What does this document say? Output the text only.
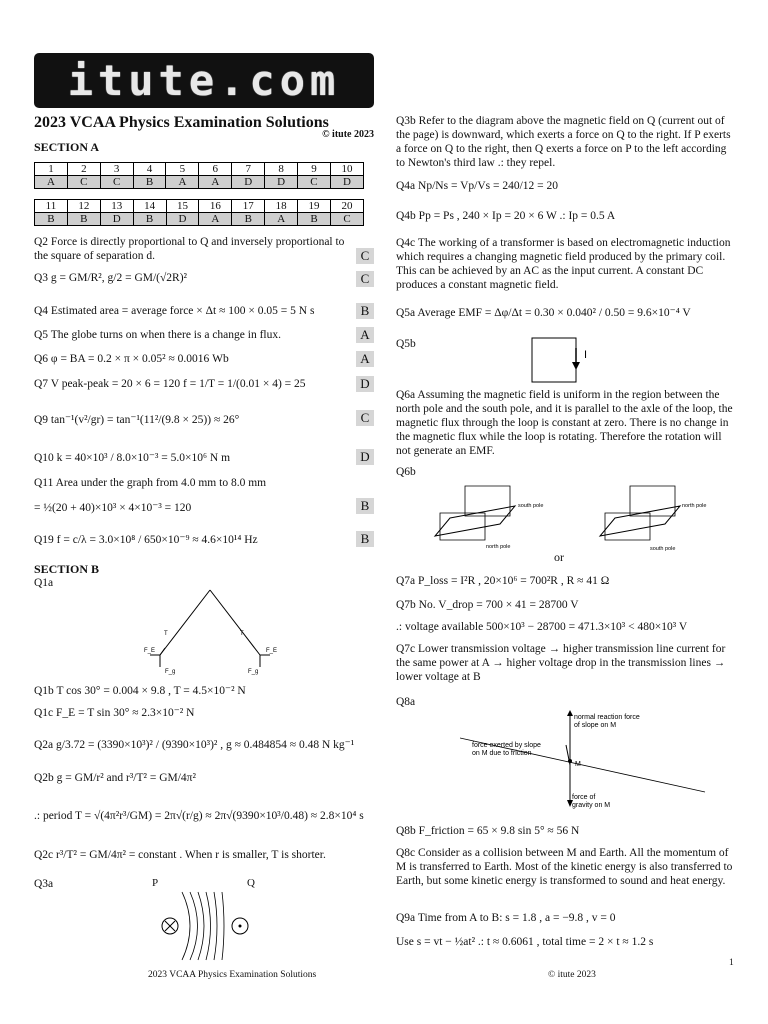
itute.com
2023 VCAA Physics Examination Solutions
© itute 2023
SECTION A
1	2	3	4	5	6	7	8	9	10
A	C	C	B	A	A	D	D	C	D
11	12	13	14	15	16	17	18	19	20
B	B	D	B	D	A	B	A	B	C
Q2 Force is directly proportional to Q and inversely proportional to the square of separation d.	C
Q3 g = GM/R², g/2 = GM/(√2R)²	C
Q4 Estimated area = average force × Δt ≈ 100 × 0.05 = 5 N s	B
Q5 The globe turns on when there is a change in flux.	A
Q6 φ = BA = 0.2 × π × 0.05² ≈ 0.0016 Wb	A
Q7 V peak-peak = 20 × 6 = 120 f = 1/T = 1/(0.01 × 4) = 25	D
Q9 tan⁻¹(v²/gr) = tan⁻¹(11²/(9.8 × 25)) ≈ 26°	C
Q10 k = 40×10³ / 8.0×10⁻³ = 5.0×10⁶ N m	D
Q11 Area under the graph from 4.0 mm to 8.0 mm
= ½(20 + 40)×10³ × 4×10⁻³ = 120	B
Q19 f = c/λ = 3.0×10⁸ / 650×10⁻⁹ ≈ 4.6×10¹⁴ Hz	B
SECTION B
Q1a
T	T
F_E	F_E
F_g	F_g
Q1b T cos 30° = 0.004 × 9.8 , T = 4.5×10⁻² N
Q1c F_E = T sin 30° ≈ 2.3×10⁻² N
Q2a g/3.72 = (3390×10³)² / (9390×10³)² , g ≈ 0.484854 ≈ 0.48 N kg⁻¹
Q2b g = GM/r² and r³/T² = GM/4π²
.: period T = √(4π²r³/GM) = 2π√(r/g) ≈ 2π√(9390×10³/0.48) ≈ 2.8×10⁴ s
Q2c r³/T² = GM/4π² = constant . When r is smaller, T is shorter.
Q3a	P	Q
Q3b Refer to the diagram above the magnetic field on Q (current out of the page) is downward, which exerts a force on Q to the right. If P exerts a force on Q to the right, then Q exerts a force on P to the left according to Newton's third law .: they repel.
Q4a Np/Ns = Vp/Vs = 240/12 = 20
Q4b Pp = Ps , 240 × Ip = 20 × 6 W .: Ip = 0.5 A
Q4c The working of a transformer is based on electromagnetic induction which requires a changing magnetic field produced by the primary coil. This can be achieved by an AC as the input current. A constant DC produces a constant magnetic field.
Q5a Average EMF = Δφ/Δt = 0.30 × 0.040² / 0.50 = 9.6×10⁻⁴ V
Q5b
I
Q6a Assuming the magnetic field is uniform in the region between the north pole and the south pole, and it is parallel to the axle of the loop, the magnetic flux through the loop is constant at zero. There is no change in the magnetic flux while the loop is rotating. Therefore the rotation will not generate an EMF.
Q6b
south pole
north pole
north pole
south pole
or
Q7a P_loss = I²R , 20×10⁶ = 700²R , R ≈ 41 Ω
Q7b No. V_drop = 700 × 41 = 28700 V
.: voltage available 500×10³ − 28700 = 471.3×10³ < 480×10³ V
Q7c Lower transmission voltage → higher transmission line current for the same power at A → higher voltage drop in the transmission lines → lower voltage at B
Q8a
normal reaction force
of slope on M
force exerted by slope
on M due to friction
M
force of
gravity on M
Q8b F_friction = 65 × 9.8 sin 5° ≈ 56 N
Q8c Consider as a collision between M and Earth. All the momentum of M is transferred to Earth. Most of the kinetic energy is also transferred to Earth, but some kinetic energy is transformed to sound and heat energy.
Q9a Time from A to B: s = 1.8 , a = −9.8 , v = 0
Use s = vt − ½at² .: t ≈ 0.6061 , total time = 2 × t ≈ 1.2 s
1
2023 VCAA Physics Examination Solutions	© itute 2023
